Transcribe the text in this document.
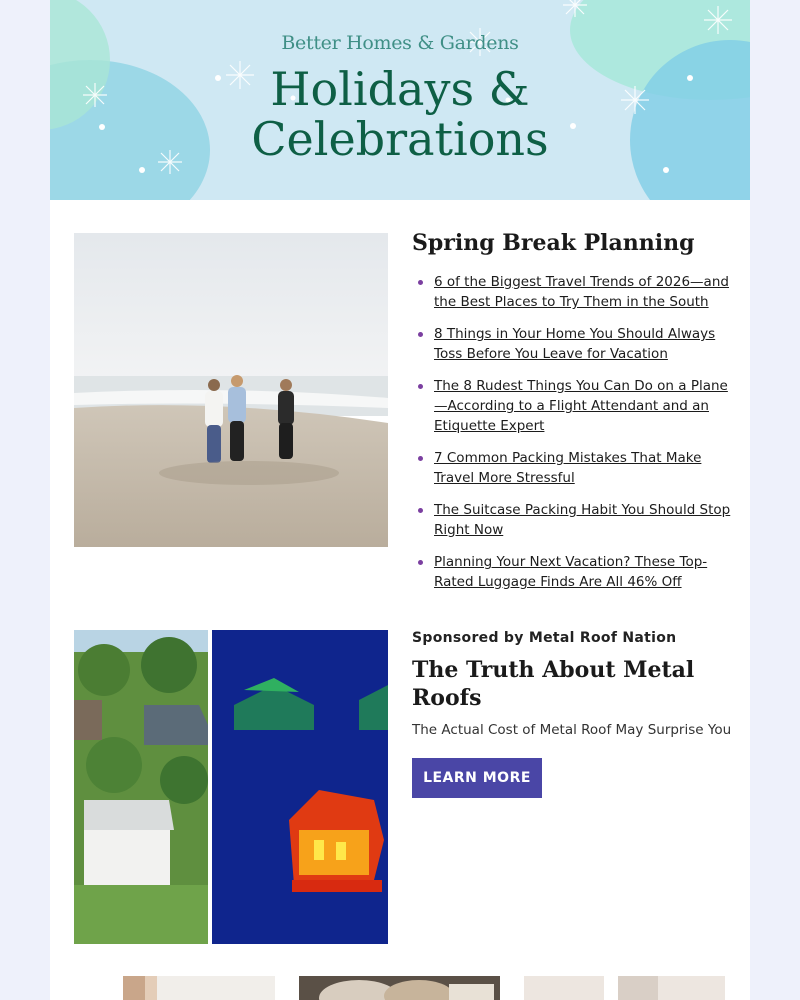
Better Homes & Gardens
Holidays &
Celebrations
Spring Break Planning
6 of the Biggest Travel Trends of 2026—and the Best Places to Try Them in the South
8 Things in Your Home You Should Always Toss Before You Leave for Vacation
The 8 Rudest Things You Can Do on a Plane—According to a Flight Attendant and an Etiquette Expert
7 Common Packing Mistakes That Make Travel More Stressful
The Suitcase Packing Habit You Should Stop Right Now
Planning Your Next Vacation? These Top-Rated Luggage Finds Are All 46% Off
Sponsored by Metal Roof Nation
The Truth About Metal Roofs
The Actual Cost of Metal Roof May Surprise You
LEARN MORE
